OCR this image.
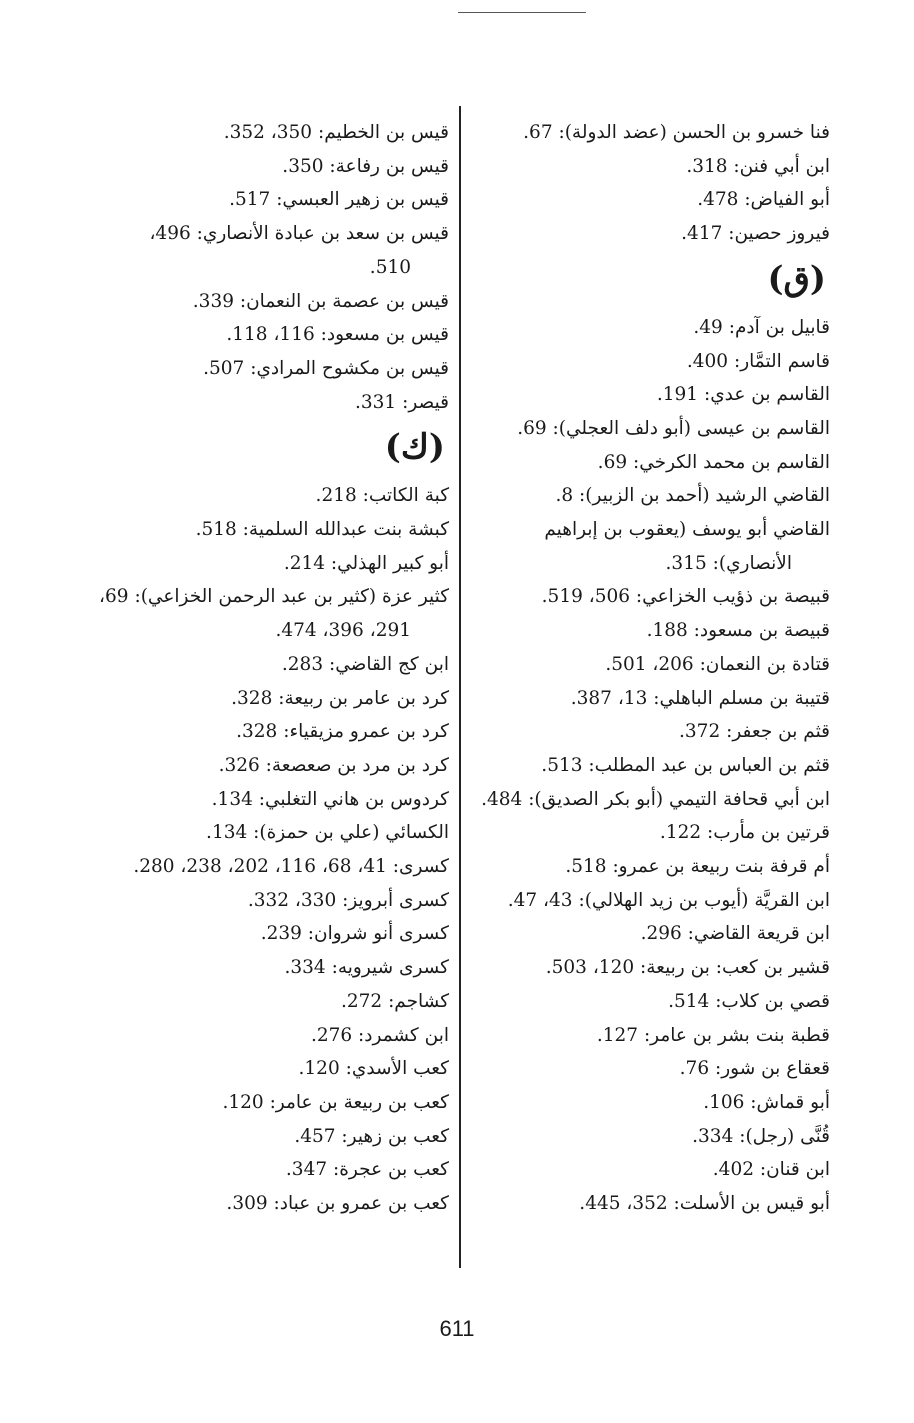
فنا خسرو بن الحسن (عضد الدولة): 67.
ابن أبي فنن: 318.
أبو الفياض: 478.
فيروز حصين: 417.
(ق)
قابيل بن آدم: 49.
قاسم التمَّار: 400.
القاسم بن عدي: 191.
القاسم بن عيسى (أبو دلف العجلي): 69.
القاسم بن محمد الكرخي: 69.
القاضي الرشيد (أحمد بن الزبير): 8.
القاضي أبو يوسف (يعقوب بن إبراهيم
الأنصاري): 315.
قبيصة بن ذؤيب الخزاعي: 506، 519.
قبيصة بن مسعود: 188.
قتادة بن النعمان: 206، 501.
قتيبة بن مسلم الباهلي: 13، 387.
قثم بن جعفر: 372.
قثم بن العباس بن عبد المطلب: 513.
ابن أبي قحافة التيمي (أبو بكر الصديق): 484.
قرتين بن مأرب: 122.
أم قرفة بنت ربيعة بن عمرو: 518.
ابن القريَّة (أيوب بن زيد الهلالي): 43، 47.
ابن قريعة القاضي: 296.
قشير بن كعب: بن ربيعة: 120، 503.
قصي بن كلاب: 514.
قطبة بنت بشر بن عامر: 127.
قعقاع بن شور: 76.
أبو قماش: 106.
قُنَّى (رجل): 334.
ابن قنان: 402.
أبو قيس بن الأسلت: 352، 445.
قيس بن الخطيم: 350، 352.
قيس بن رفاعة: 350.
قيس بن زهير العبسي: 517.
قيس بن سعد بن عبادة الأنصاري: 496،
510.
قيس بن عصمة بن النعمان: 339.
قيس بن مسعود: 116، 118.
قيس بن مكشوح المرادي: 507.
قيصر: 331.
(ك)
كبة الكاتب: 218.
كبشة بنت عبدالله السلمية: 518.
أبو كبير الهذلي: 214.
كثير عزة (كثير بن عبد الرحمن الخزاعي): 69،
291، 396، 474.
ابن كج القاضي: 283.
كرد بن عامر بن ربيعة: 328.
كرد بن عمرو مزيقياء: 328.
كرد بن مرد بن صعصعة: 326.
كردوس بن هاني التغلبي: 134.
الكسائي (علي بن حمزة): 134.
كسرى: 41، 68، 116، 202، 238، 280.
كسرى أبرويز: 330، 332.
كسرى أنو شروان: 239.
كسرى شيرويه: 334.
كشاجم: 272.
ابن كشمرد: 276.
كعب الأسدي: 120.
كعب بن ربيعة بن عامر: 120.
كعب بن زهير: 457.
كعب بن عجرة: 347.
كعب بن عمرو بن عباد: 309.
611
